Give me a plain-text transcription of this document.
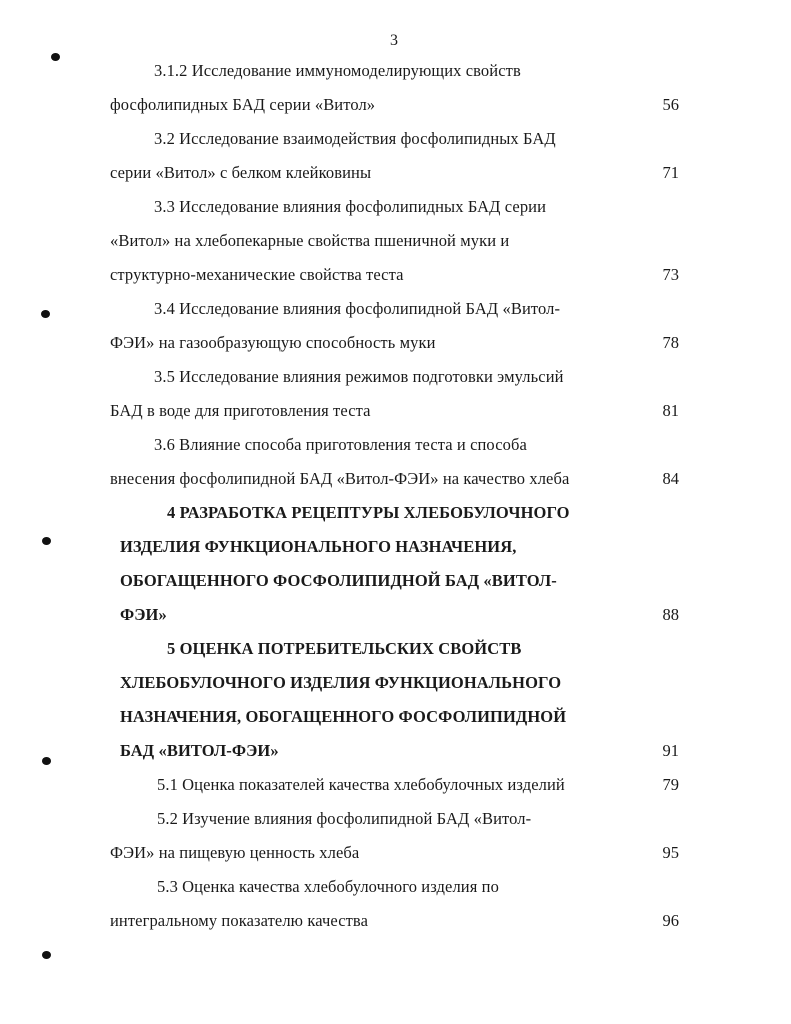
3
3.1.2 Исследование иммуномоделирующих свойств
фосфолипидных БАД серии «Витол»	56
3.2 Исследование взаимодействия фосфолипидных БАД
серии «Витол» с белком клейковины	71
3.3 Исследование влияния фосфолипидных БАД серии
«Витол» на хлебопекарные свойства пшеничной муки и
структурно-механические свойства теста	73
3.4 Исследование влияния фосфолипидной БАД «Витол-
ФЭИ» на газообразующую способность муки	78
3.5 Исследование влияния режимов подготовки эмульсий
БАД в воде для приготовления теста	81
3.6 Влияние способа приготовления теста и способа
внесения фосфолипидной БАД «Витол-ФЭИ» на качество хлеба	84
4 РАЗРАБОТКА РЕЦЕПТУРЫ ХЛЕБОБУЛОЧНОГО
ИЗДЕЛИЯ ФУНКЦИОНАЛЬНОГО НАЗНАЧЕНИЯ,
ОБОГАЩЕННОГО ФОСФОЛИПИДНОЙ БАД «ВИТОЛ-
ФЭИ»	88
5 ОЦЕНКА ПОТРЕБИТЕЛЬСКИХ СВОЙСТВ
ХЛЕБОБУЛОЧНОГО ИЗДЕЛИЯ ФУНКЦИОНАЛЬНОГО
НАЗНАЧЕНИЯ, ОБОГАЩЕННОГО ФОСФОЛИПИДНОЙ
БАД «ВИТОЛ-ФЭИ»	91
5.1 Оценка показателей качества хлебобулочных изделий	79
5.2 Изучение влияния фосфолипидной БАД «Витол-
ФЭИ» на пищевую ценность хлеба	95
5.3 Оценка качества хлебобулочного изделия по
интегральному показателю качества	96
